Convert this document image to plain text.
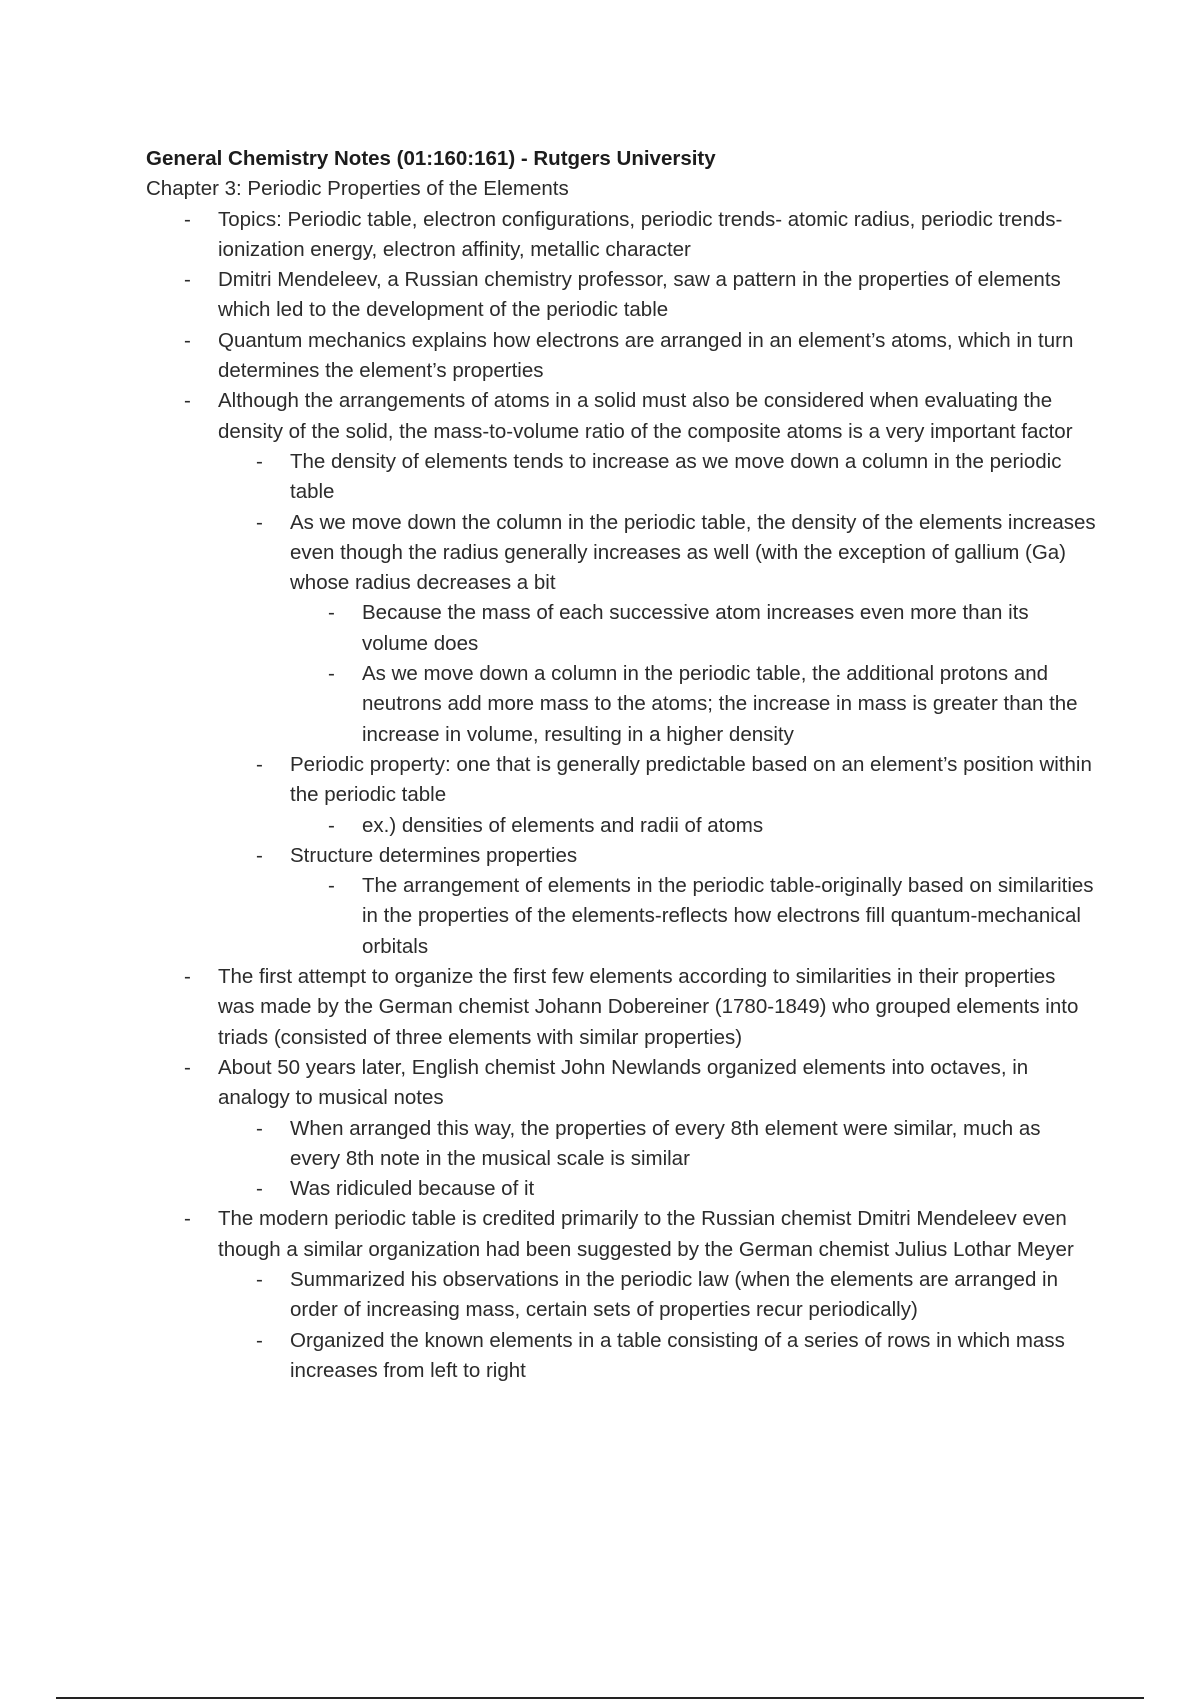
General Chemistry Notes (01:160:161) - Rutgers University
Chapter 3: Periodic Properties of the Elements
- Topics: Periodic table, electron configurations, periodic trends- atomic radius, periodic trends- ionization energy, electron affinity, metallic character
- Dmitri Mendeleev, a Russian chemistry professor, saw a pattern in the properties of elements which led to the development of the periodic table
- Quantum mechanics explains how electrons are arranged in an element’s atoms, which in turn determines the element’s properties
- Although the arrangements of atoms in a solid must also be considered when evaluating the density of the solid, the mass-to-volume ratio of the composite atoms is a very important factor
- The density of elements tends to increase as we move down a column in the periodic table
- As we move down the column in the periodic table, the density of the elements increases even though the radius generally increases as well (with the exception of gallium (Ga) whose radius decreases a bit
- Because the mass of each successive atom increases even more than its volume does
- As we move down a column in the periodic table, the additional protons and neutrons add more mass to the atoms; the increase in mass is greater than the increase in volume, resulting in a higher density
- Periodic property: one that is generally predictable based on an element’s position within the periodic table
- ex.) densities of elements and radii of atoms
- Structure determines properties
- The arrangement of elements in the periodic table-originally based on similarities in the properties of the elements-reflects how electrons fill quantum-mechanical orbitals
- The first attempt to organize the first few elements according to similarities in their properties was made by the German chemist Johann Dobereiner (1780-1849) who grouped elements into triads (consisted of three elements with similar properties)
- About 50 years later, English chemist John Newlands organized elements into octaves, in analogy to musical notes
- When arranged this way, the properties of every 8th element were similar, much as every 8th note in the musical scale is similar
- Was ridiculed because of it
- The modern periodic table is credited primarily to the Russian chemist Dmitri Mendeleev even though a similar organization had been suggested by the German chemist Julius Lothar Meyer
- Summarized his observations in the periodic law (when the elements are arranged in order of increasing mass, certain sets of properties recur periodically)
- Organized the known elements in a table consisting of a series of rows in which mass increases from left to right
